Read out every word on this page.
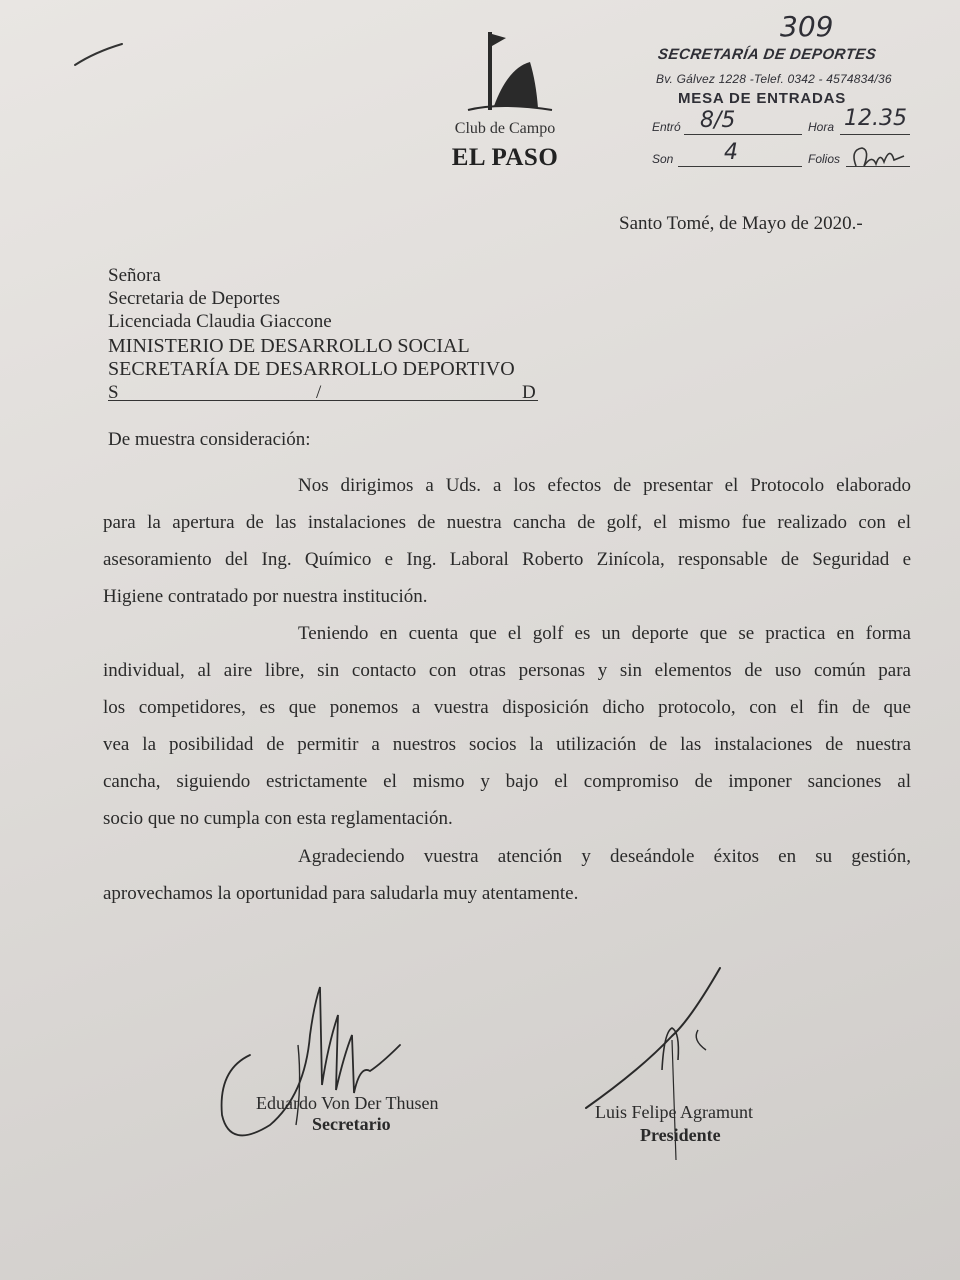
Club de Campo
EL PASO
309
SECRETARÍA DE DEPORTES
Bv. Gálvez 1228 -Telef. 0342 - 4574834/36
MESA DE ENTRADAS
Entró 8/5	Hora 12.35
Son 4	Folios
Santo Tomé, de Mayo de 2020.-
Señora
Secretaria de Deportes
Licenciada Claudia Giaccone
MINISTERIO DE DESARROLLO SOCIAL
SECRETARÍA DE DESARROLLO DEPORTIVO
S	/	D
De muestra consideración:
Nos dirigimos a Uds. a los efectos de presentar el Protocolo elaborado
para la apertura de las instalaciones de nuestra cancha de golf, el mismo fue realizado con el
asesoramiento del Ing. Químico e Ing. Laboral Roberto Zinícola, responsable de Seguridad e
Higiene contratado por nuestra institución.
Teniendo en cuenta que el golf es un deporte que se practica en forma
individual, al aire libre, sin contacto con otras personas y sin elementos de uso común para
los competidores, es que ponemos a vuestra disposición dicho protocolo, con el fin de que
vea la posibilidad de permitir a nuestros socios la utilización de las instalaciones de nuestra
cancha, siguiendo estrictamente el mismo y bajo el compromiso de imponer sanciones al
socio que no cumpla con esta reglamentación.
Agradeciendo vuestra atención y deseándole éxitos en su gestión,
aprovechamos la oportunidad para saludarla muy atentamente.
Eduardo Von Der Thusen
Secretario
Luis Felipe Agramunt
Presidente
